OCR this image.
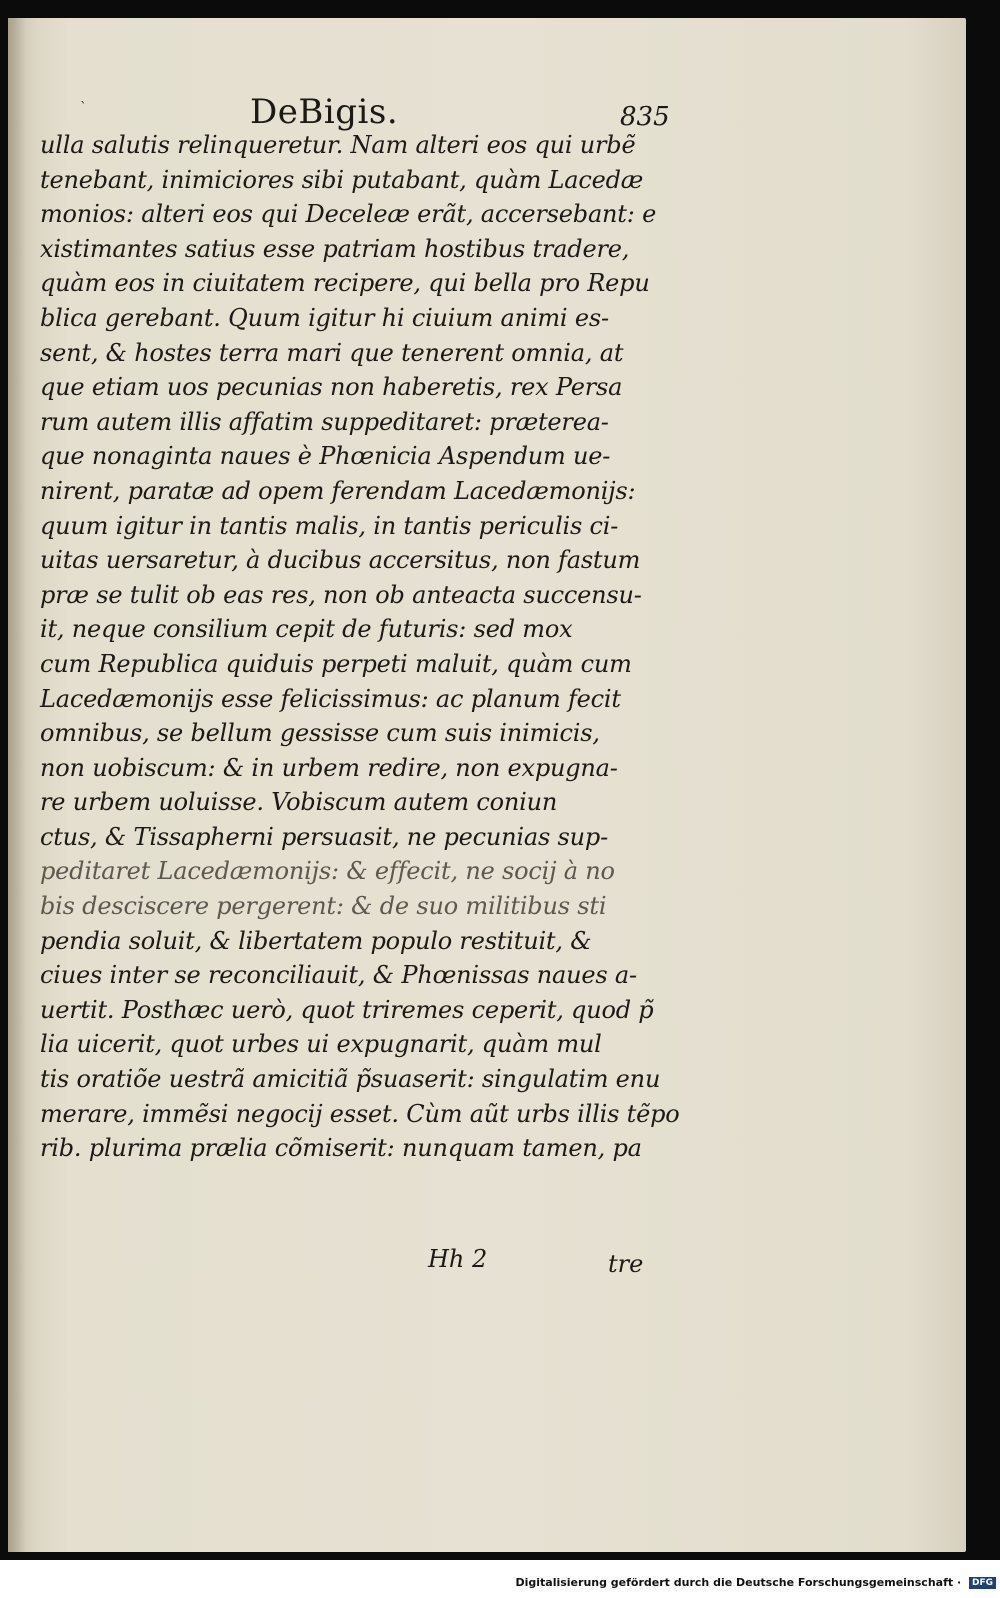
ˋ	DeBigis.	835
ulla salutis relinqueretur. Nam alteri eos qui urbẽ
tenebant, inimiciores sibi putabant, quàm Lacedæ
monios: alteri eos qui Deceleæ erãt, accersebant: e
xistimantes satius esse patriam hostibus tradere,
quàm eos in ciuitatem recipere, qui bella pro Repu
blica gerebant. Quum igitur hi ciuium animi es-
sent, & hostes terra mari que tenerent omnia, at
que etiam uos pecunias non haberetis, rex Persa
rum autem illis affatim suppeditaret: præterea-
que nonaginta naues è Phœnicia Aspendum ue-
nirent, paratæ ad opem ferendam Lacedæmonijs:
quum igitur in tantis malis, in tantis periculis ci-
uitas uersaretur, à ducibus accersitus, non fastum
præ se tulit ob eas res, non ob anteacta succensu-
it, neque consilium cepit de futuris: sed mox
cum Republica quiduis perpeti maluit, quàm cum
Lacedæmonijs esse felicissimus: ac planum fecit
omnibus, se bellum gessisse cum suis inimicis,
non uobiscum: & in urbem redire, non expugna-
re urbem uoluisse. Vobiscum autem coniun
ctus, & Tissapherni persuasit, ne pecunias sup-
peditaret Lacedæmonijs: & effecit, ne socij à no
bis desciscere pergerent: & de suo militibus sti
pendia soluit, & libertatem populo restituit, &
ciues inter se reconciliauit, & Phœnissas naues a-
uertit. Posthæc uerò, quot triremes ceperit, quod p̃
lia uicerit, quot urbes ui expugnarit, quàm mul
tis oratiõe uestrã amicitiã p̃suaserit: singulatim enu
merare, immẽsi negocij esset. Cùm aũt urbs illis tẽpo
rib. plurima prælia cõmiserit: nunquam tamen, pa
Hh 2	tre
Digitalisierung gefördert durch die Deutsche Forschungsgemeinschaft · DFG
